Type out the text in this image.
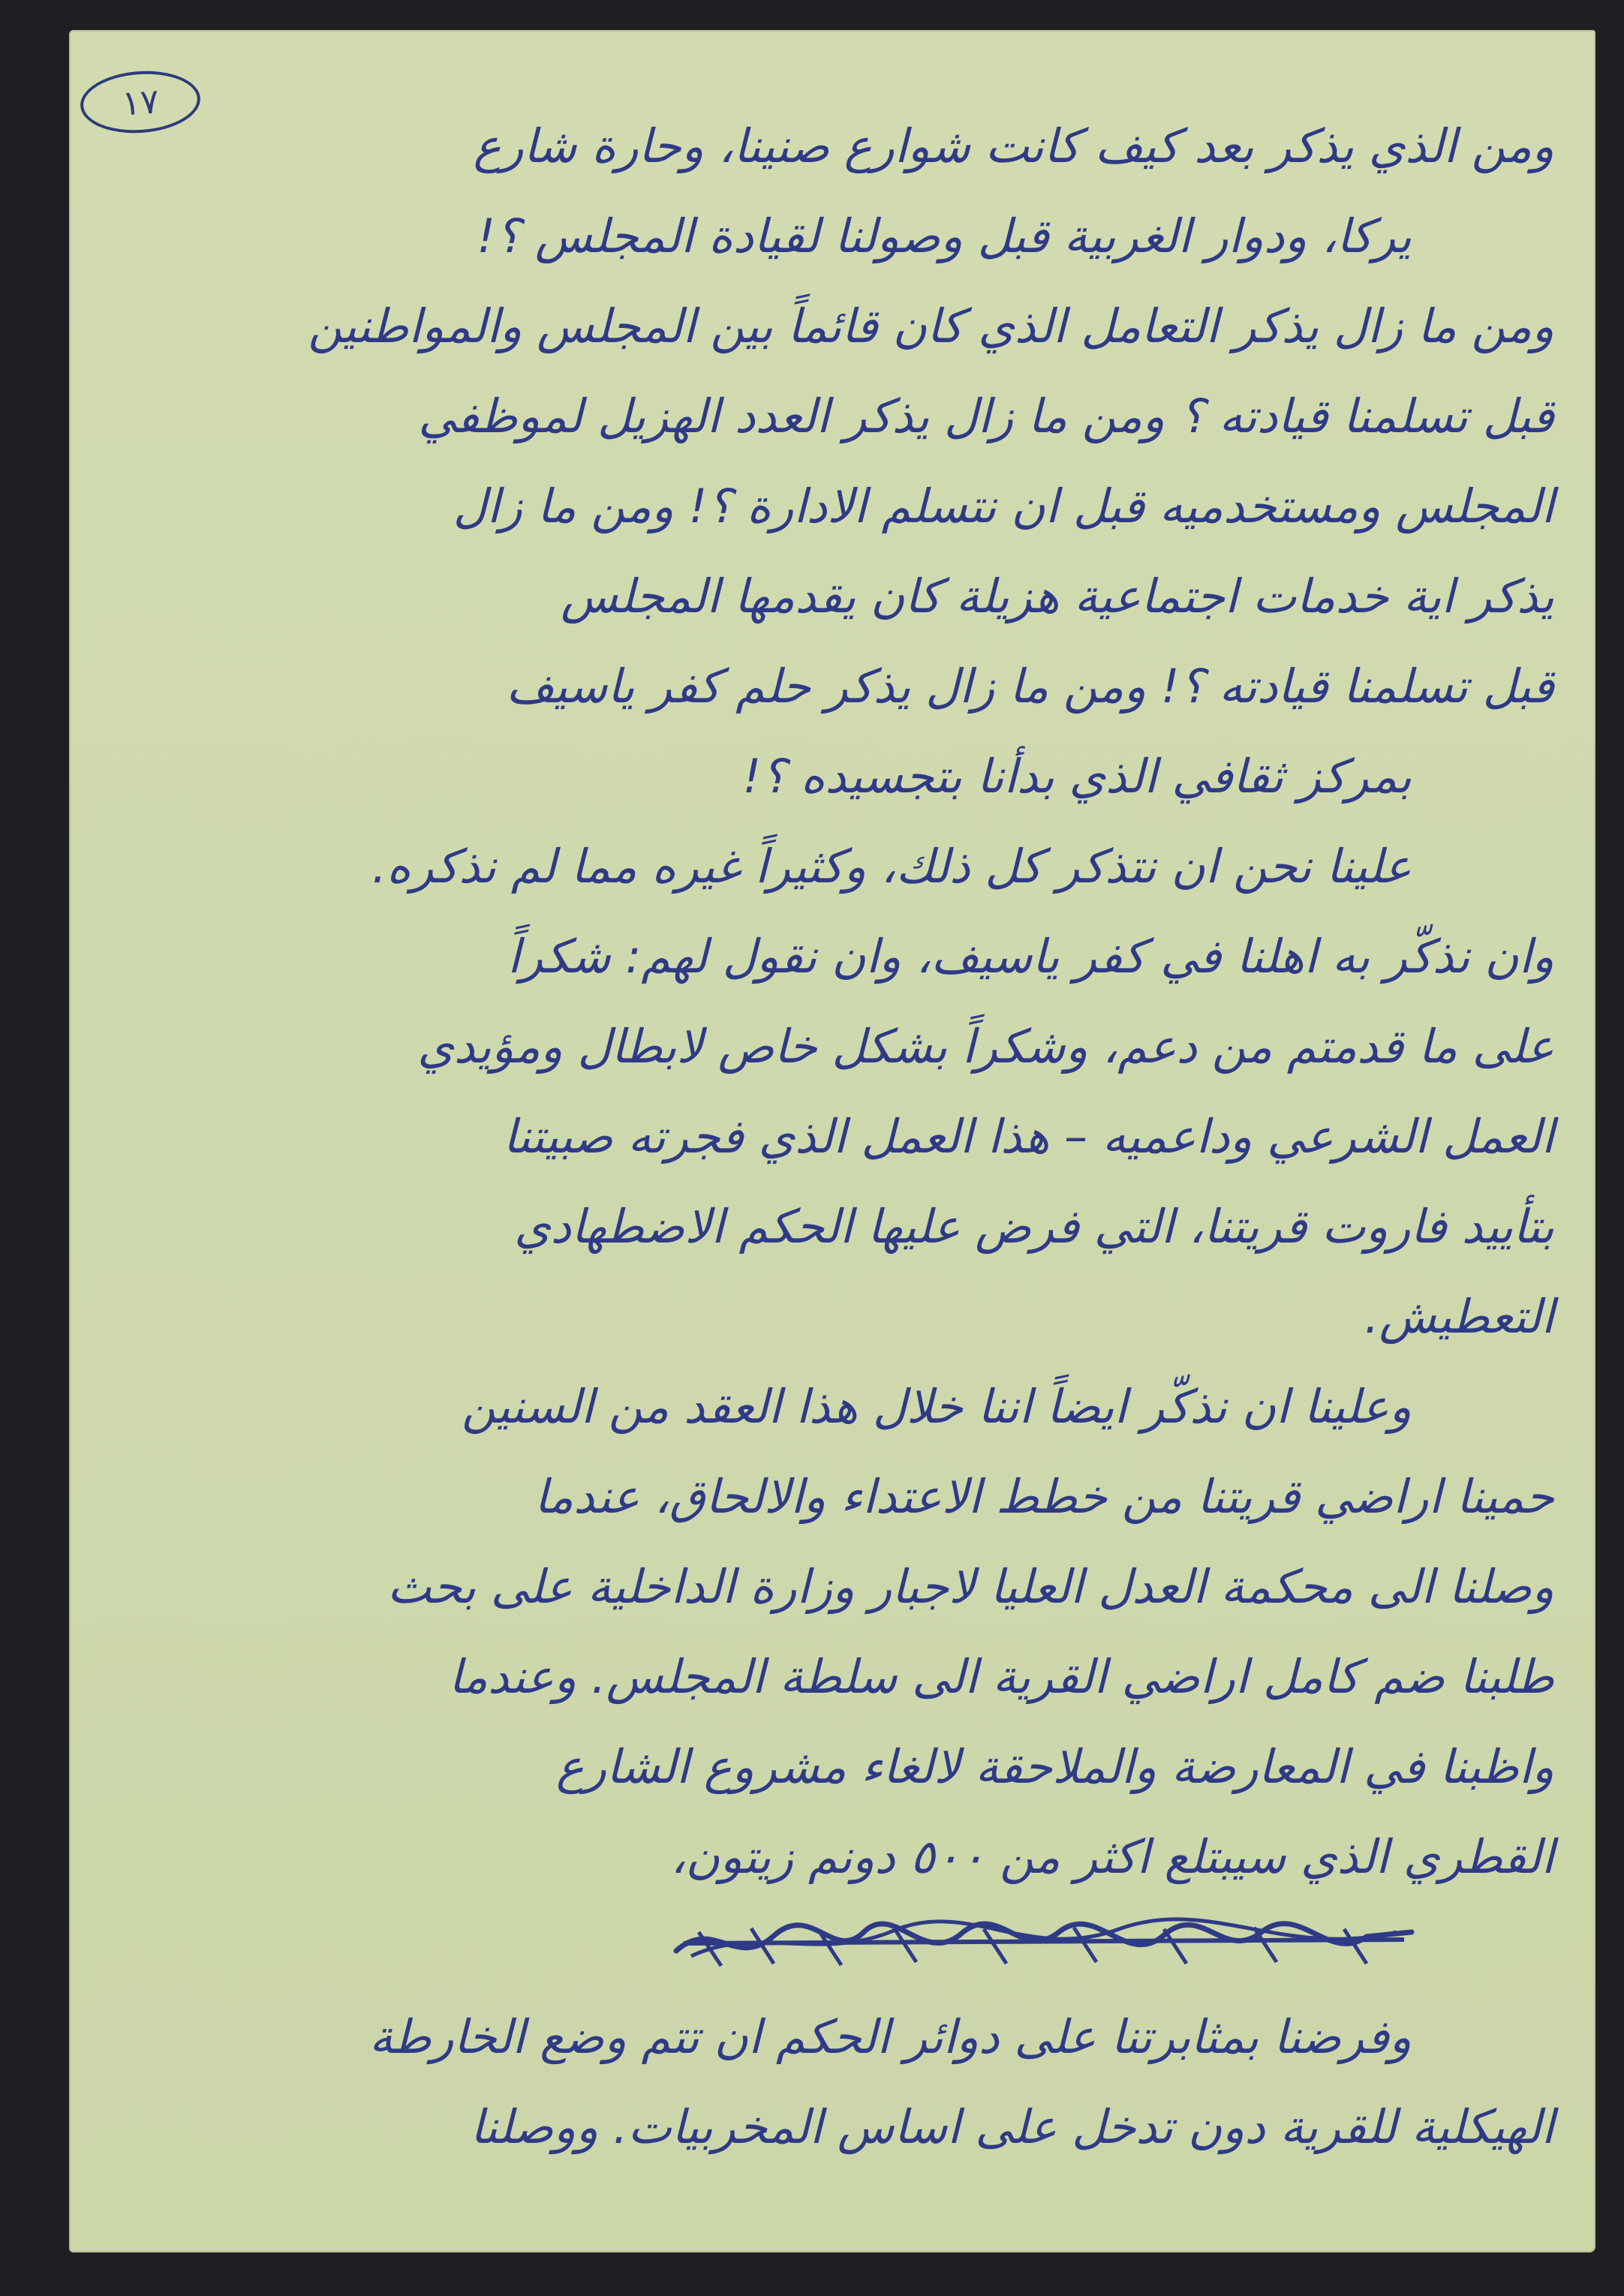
١٧
ومن الذي يذكر بعد كيف كانت شوارع صنينا، وحارة شارع
يركا، ودوار الغربية قبل وصولنا لقيادة المجلس ؟!
ومن ما زال يذكر التعامل الذي كان قائماً بين المجلس والمواطنين
قبل تسلمنا قيادته ؟ ومن ما زال يذكر العدد الهزيل لموظفي
المجلس ومستخدميه قبل ان نتسلم الادارة ؟! ومن ما زال
يذكر اية خدمات اجتماعية هزيلة كان يقدمها المجلس
قبل تسلمنا قيادته ؟! ومن ما زال يذكر حلم كفر ياسيف
بمركز ثقافي الذي بدأنا بتجسيده ؟!
علينا نحن ان نتذكر كل ذلك، وكثيراً غيره مما لم نذكره.
وان نذكّر به اهلنا في كفر ياسيف، وان نقول لهم: شكراً
على ما قدمتم من دعم، وشكراً بشكل خاص لابطال ومؤيدي
العمل الشرعي وداعميه – هذا العمل الذي فجرته صبيتنا
بتأييد فاروت قريتنا، التي فرض عليها الحكم الاضطهادي
التعطيش.
وعلينا ان نذكّر ايضاً اننا خلال هذا العقد من السنين
حمينا اراضي قريتنا من خطط الاعتداء والالحاق، عندما
وصلنا الى محكمة العدل العليا لاجبار وزارة الداخلية على بحث
طلبنا ضم كامل اراضي القرية الى سلطة المجلس. وعندما
واظبنا في المعارضة والملاحقة لالغاء مشروع الشارع
القطري الذي سيبتلع اكثر من ٥٠٠ دونم زيتون،
وفرضنا بمثابرتنا على دوائر الحكم ان تتم وضع الخارطة
الهيكلية للقرية دون تدخل على اساس المخربيات. ووصلنا
